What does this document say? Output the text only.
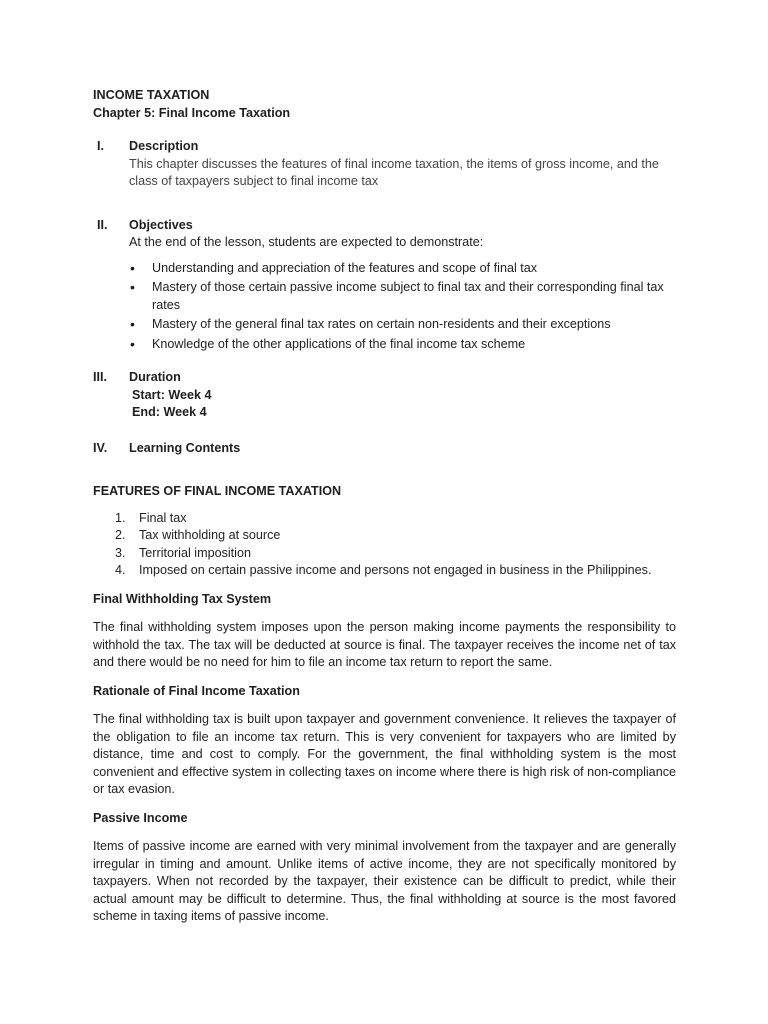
INCOME TAXATION
Chapter 5: Final Income Taxation
I.	Description
This chapter discusses the features of final income taxation, the items of gross income, and the class of taxpayers subject to final income tax
II.	Objectives
At the end of the lesson, students are expected to demonstrate:
• Understanding and appreciation of the features and scope of final tax
• Mastery of those certain passive income subject to final tax and their corresponding final tax rates
• Mastery of the general final tax rates on certain non-residents and their exceptions
• Knowledge of the other applications of the final income tax scheme
III.	Duration
Start: Week 4
End: Week 4
IV.	Learning Contents
FEATURES OF FINAL INCOME TAXATION
1. Final tax
2. Tax withholding at source
3. Territorial imposition
4. Imposed on certain passive income and persons not engaged in business in the Philippines.
Final Withholding Tax System

The final withholding system imposes upon the person making income payments the responsibility to withhold the tax. The tax will be deducted at source is final. The taxpayer receives the income net of tax and there would be no need for him to file an income tax return to report the same.

Rationale of Final Income Taxation

The final withholding tax is built upon taxpayer and government convenience. It relieves the taxpayer of the obligation to file an income tax return. This is very convenient for taxpayers who are limited by distance, time and cost to comply. For the government, the final withholding system is the most convenient and effective system in collecting taxes on income where there is high risk of non-compliance or tax evasion.

Passive Income

Items of passive income are earned with very minimal involvement from the taxpayer and are generally irregular in timing and amount. Unlike items of active income, they are not specifically monitored by taxpayers. When not recorded by the taxpayer, their existence can be difficult to predict, while their actual amount may be difficult to determine. Thus, the final withholding at source is the most favored scheme in taxing items of passive income.
